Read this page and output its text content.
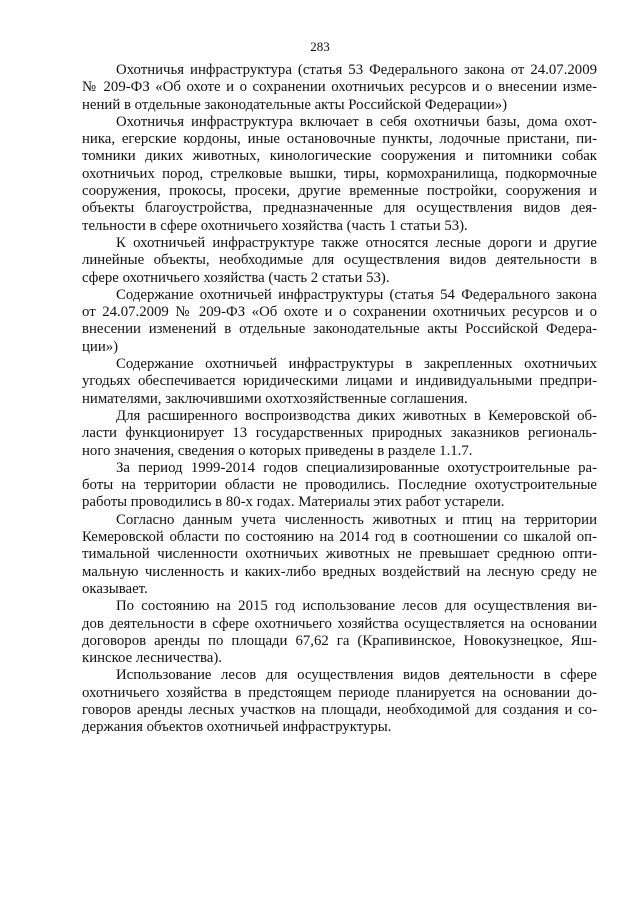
283
Охотничья инфраструктура (статья 53 Федерального закона от 24.07.2009
№ 209-ФЗ «Об охоте и о сохранении охотничьих ресурсов и о внесении изме-
нений в отдельные законодательные акты Российской Федерации»)
Охотничья инфраструктура включает в себя охотничьи базы, дома охот-
ника, егерские кордоны, иные остановочные пункты, лодочные пристани, пи-
томники диких животных, кинологические сооружения и питомники собак
охотничьих пород, стрелковые вышки, тиры, кормохранилища, подкормочные
сооружения, прокосы, просеки, другие временные постройки, сооружения и
объекты благоустройства, предназначенные для осуществления видов дея-
тельности в сфере охотничьего хозяйства (часть 1 статьи 53).
К охотничьей инфраструктуре также относятся лесные дороги и другие
линейные объекты, необходимые для осуществления видов деятельности в
сфере охотничьего хозяйства (часть 2 статьи 53).
Содержание охотничьей инфраструктуры (статья 54 Федерального закона
от 24.07.2009 № 209-ФЗ «Об охоте и о сохранении охотничьих ресурсов и о
внесении изменений в отдельные законодательные акты Российской Федера-
ции»)
Содержание охотничьей инфраструктуры в закрепленных охотничьих
угодьях обеспечивается юридическими лицами и индивидуальными предпри-
нимателями, заключившими охотхозяйственные соглашения.
Для расширенного воспроизводства диких животных в Кемеровской об-
ласти функционирует 13 государственных природных заказников региональ-
ного значения, сведения о которых приведены в разделе 1.1.7.
За период 1999-2014 годов специализированные охотустроительные ра-
боты на территории области не проводились. Последние охотустроительные
работы проводились в 80-х годах. Материалы этих работ устарели.
Согласно данным учета численность животных и птиц на территории
Кемеровской области по состоянию на 2014 год в соотношении со шкалой оп-
тимальной численности охотничьих животных не превышает среднюю опти-
мальную численность и каких-либо вредных воздействий на лесную среду не
оказывает.
По состоянию на 2015 год использование лесов для осуществления ви-
дов деятельности в сфере охотничьего хозяйства осуществляется на основании
договоров аренды по площади 67,62 га (Крапивинское, Новокузнецкое, Яш-
кинское лесничества).
Использование лесов для осуществления видов деятельности в сфере
охотничьего хозяйства в предстоящем периоде планируется на основании до-
говоров аренды лесных участков на площади, необходимой для создания и со-
держания объектов охотничьей инфраструктуры.
